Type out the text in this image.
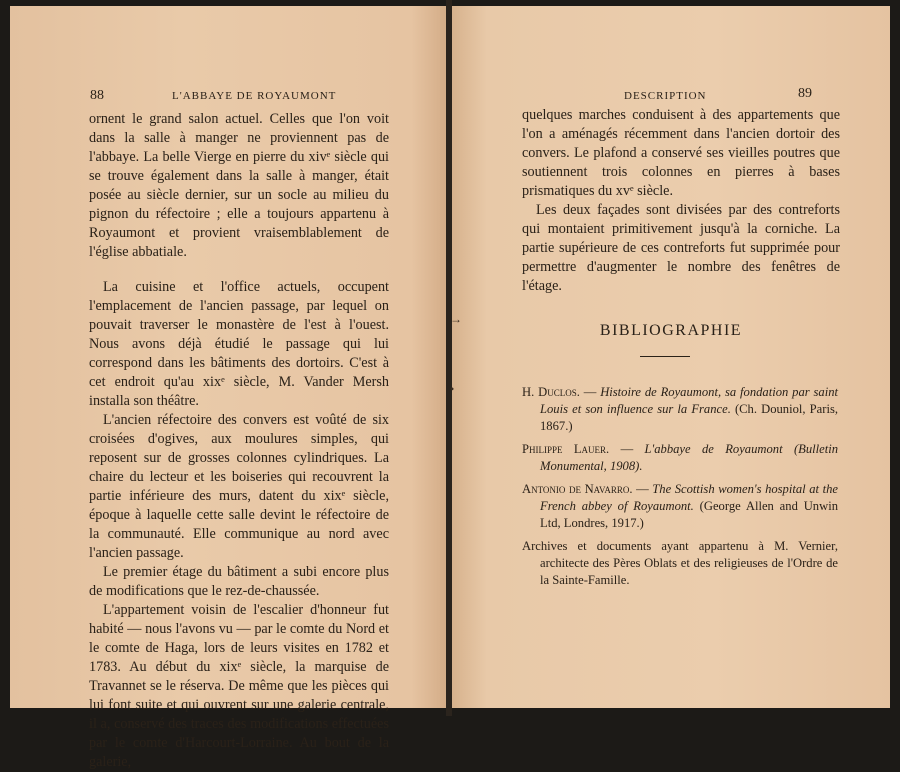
88	L'ABBAYE DE ROYAUMONT

ornent le grand salon actuel. Celles que l'on voit dans la salle à manger ne proviennent pas de l'abbaye. La belle Vierge en pierre du xivᵉ siècle qui se trouve également dans la salle à manger, était posée au siècle dernier, sur un socle au milieu du pignon du réfectoire ; elle a toujours appartenu à Royaumont et provient vraisemblablement de l'église abbatiale.

La cuisine et l'office actuels, occupent l'emplacement de l'ancien passage, par lequel on pouvait traverser le monastère de l'est à l'ouest. Nous avons déjà étudié le passage qui lui correspond dans les bâtiments des dortoirs. C'est à cet endroit qu'au xixᵉ siècle, M. Vander Mersh installa son théâtre.

L'ancien réfectoire des convers est voûté de six croisées d'ogives, aux moulures simples, qui reposent sur de grosses colonnes cylindriques. La chaire du lecteur et les boiseries qui recouvrent la partie inférieure des murs, datent du xixᵉ siècle, époque à laquelle cette salle devint le réfectoire de la communauté. Elle communique au nord avec l'ancien passage.

Le premier étage du bâtiment a subi encore plus de modifications que le rez-de-chaussée.

L'appartement voisin de l'escalier d'honneur fut habité — nous l'avons vu — par le comte du Nord et le comte de Haga, lors de leurs visites en 1782 et 1783. Au début du xixᵉ siècle, la marquise de Travannet se le réserva. De même que les pièces qui lui font suite et qui ouvrent sur une galerie centrale, il a, conservé des traces des modifications effectuées par le comte d'Harcourt-Lorraine. Au bout de la galerie,

DESCRIPTION	89

quelques marches conduisent à des appartements que l'on a aménagés récemment dans l'ancien dortoir des convers. Le plafond a conservé ses vieilles poutres que soutiennent trois colonnes en pierres à bases prismatiques du xvᵉ siècle.

Les deux façades sont divisées par des contreforts qui montaient primitivement jusqu'à la corniche. La partie supérieure de ces contreforts fut supprimée pour permettre d'augmenter le nombre des fenêtres de l'étage.

BIBLIOGRAPHIE

H. Duclos. — Histoire de Royaumont, sa fondation par saint Louis et son influence sur la France. (Ch. Douniol, Paris, 1867.)

Philippe Lauer. — L'abbaye de Royaumont (Bulletin Monumental, 1908).

Antonio de Navarro. — The Scottish women's hospital at the French abbey of Royaumont. (George Allen and Unwin Ltd, Londres, 1917.)

Archives et documents ayant appartenu à M. Vernier, architecte des Pères Oblats et des religieuses de l'Ordre de la Sainte-Famille.

→
•
